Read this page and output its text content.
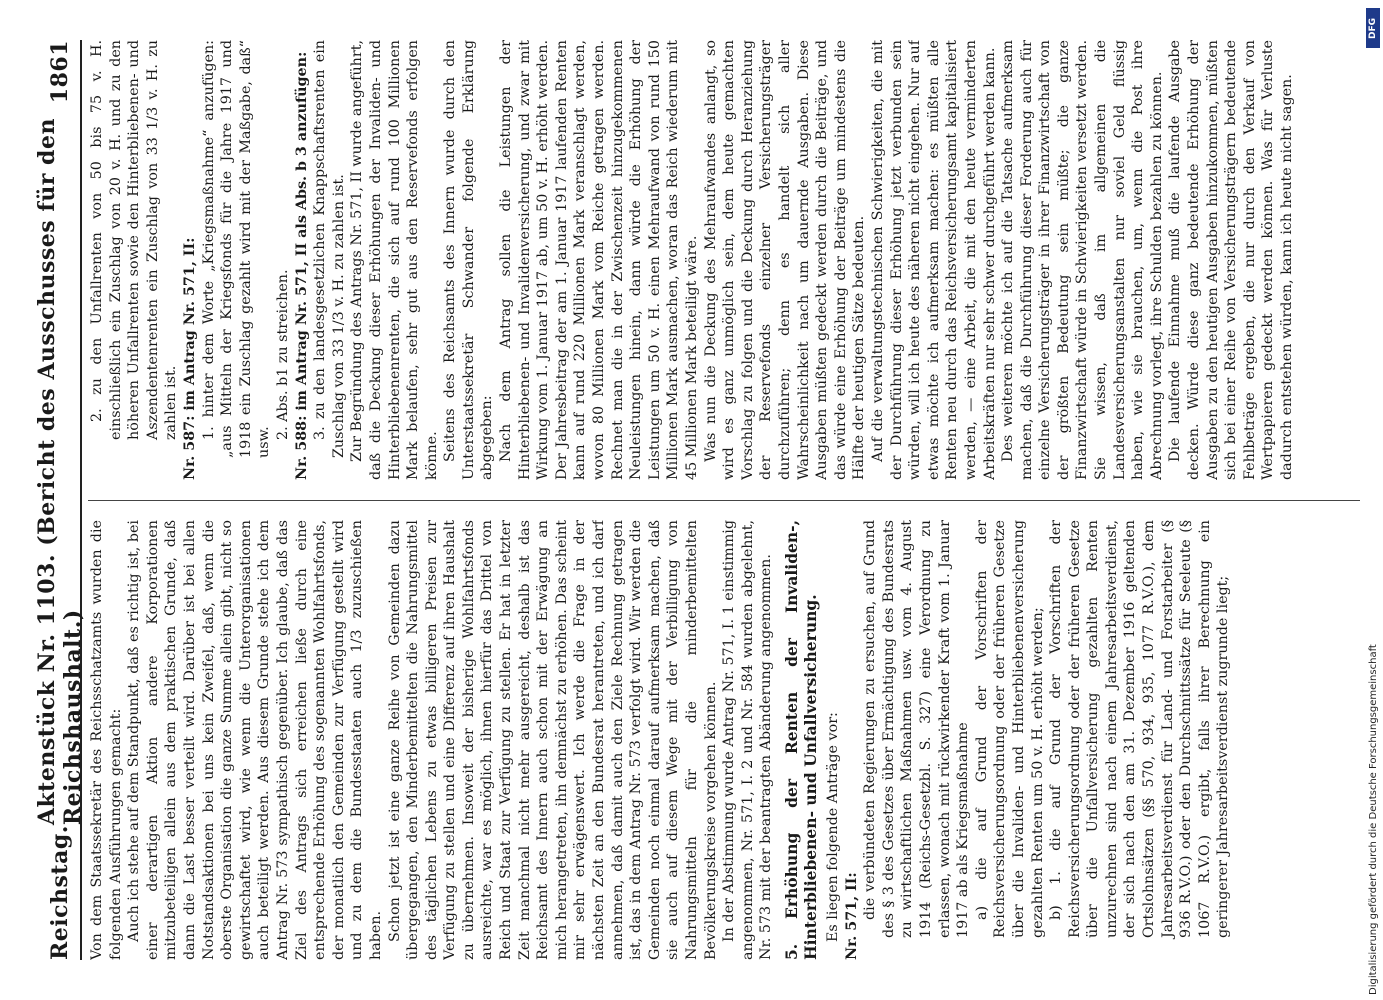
Reichstag.
Aktenstück Nr. 1103. (Bericht des Ausschusses für den Reichshaushalt.)
1861

Von dem Staatssekretär des Reichsschatzamts wurden die folgenden Ausführungen gemacht: Auch ich stehe auf dem Standpunkt, daß es richtig ist, bei einer derartigen Aktion andere Korporationen mitzubeteiligen allein aus dem praktischen Grunde, daß dann die Last besser verteilt wird. Darüber ist bei allen Notstandsaktionen bei uns kein Zweifel, daß, wenn die oberste Organisation die ganze Summe allein gibt, nicht so gewirtschaftet wird, wie wenn die Unterorganisationen auch beteiligt werden. Aus diesem Grunde stehe ich dem Antrag Nr. 573 sympathisch gegenüber. Ich glaube, daß das Ziel des Antrags sich erreichen ließe durch eine entsprechende Erhöhung des sogenannten Wohlfahrtsfonds, der monatlich den Gemeinden zur Verfügung gestellt wird und zu dem die Bundesstaaten auch 1/3 zuzuschießen haben. Schon jetzt ist eine ganze Reihe von Gemeinden dazu übergegangen, den Minderbemittelten die Nahrungsmittel des täglichen Lebens zu etwas billigeren Preisen zur Verfügung zu stellen und eine Differenz auf ihren Haushalt zu übernehmen. Insoweit der bisherige Wohlfahrtsfonds ausreichte, war es möglich, ihnen hierfür das Drittel von Reich und Staat zur Verfügung zu stellen. Er hat in letzter Zeit manchmal nicht mehr ausgereicht, deshalb ist das Reichsamt des Innern auch schon mit der Erwägung an mich herangetreten, ihn demnächst zu erhöhen. Das scheint mir sehr erwägenswert. Ich werde die Frage in der nächsten Zeit an den Bundesrat herantreten, und ich darf annehmen, daß damit auch den Ziele Rechnung getragen ist, das in dem Antrag Nr. 573 verfolgt wird. Wir werden die Gemeinden noch einmal darauf aufmerksam machen, daß sie auch auf diesem Wege mit der Verbilligung von Nahrungsmitteln für die minderbemittelten Bevölkerungskreise vorgehen können. In der Abstimmung wurde Antrag Nr. 571, I. 1 einstimmig angenommen, Nr. 571, I. 2 und Nr. 584 wurden abgelehnt, Nr. 573 mit der beantragten Abänderung angenommen. 5. Erhöhung der Renten der Invaliden-, Hinterbliebenen- und Unfallversicherung. Es liegen folgende Anträge vor: Nr. 571, II: die verbündeten Regierungen zu ersuchen, auf Grund des § 3 des Gesetzes über Ermächtigung des Bundesrats zu wirtschaftlichen Maßnahmen usw. vom 4. August 1914 (Reichs-Gesetzbl. S. 327) eine Verordnung zu erlassen, wonach mit rückwirkender Kraft vom 1. Januar 1917 ab als Kriegsmaßnahme a) die auf Grund der Vorschriften der Reichsversicherungsordnung oder der früheren Gesetze über die Invaliden- und Hinterbliebenenversicherung gezahlten Renten um 50 v. H. erhöht werden; b) 1. die auf Grund der Vorschriften der Reichsversicherungsordnung oder der früheren Gesetze über die Unfallversicherung gezahlten Renten unzurechnen sind nach einem Jahresarbeitsverdienst, der sich nach den am 31. Dezember 1916 geltenden Ortslohnsätzen (§§ 570, 934, 935, 1077 R.V.O.), dem Jahresarbeitsverdienst für Land- und Forstarbeiter (§ 936 R.V.O.) oder den Durchschnittssätze für Seeleute (§ 1067 R.V.O.) ergibt, falls ihrer Berechnung ein geringerer Jahresarbeitsverdienst zugrunde liegt;

2. zu den Unfallrenten von 50 bis 75 v. H. einschließlich ein Zuschlag von 20 v. H. und zu den höheren Unfallrenten sowie den Hinterbliebenen- und Aszendentenrenten ein Zuschlag von 33 1/3 v. H. zu zahlen ist. Nr. 587: im Antrag Nr. 571, II: 1. hinter dem Worte „Kriegsmaßnahme“ anzufügen: „aus Mitteln der Kriegsfonds für die Jahre 1917 und 1918 ein Zuschlag gezahlt wird mit der Maßgabe, daß“ usw.

2. Abs. b1 zu streichen. Nr. 588: im Antrag Nr. 571, II als Abs. b 3 anzufügen: 3. zu den landesgesetzlichen Knappschaftsrenten ein Zuschlag von 33 1/3 v. H. zu zahlen ist. Zur Begründung des Antrags Nr. 571, II wurde angeführt, daß die Deckung dieser Erhöhungen der Invaliden- und Hinterbliebenenrenten, die sich auf rund 100 Millionen Mark belaufen, sehr gut aus den Reservefonds erfolgen könne. Seitens des Reichsamts des Innern wurde durch den Unterstaatssekretär Schwander folgende Erklärung abgegeben: Nach dem Antrag sollen die Leistungen der Hinterbliebenen- und Invalidenversicherung, und zwar mit Wirkung vom 1. Januar 1917 ab, um 50 v. H. erhöht werden. Der Jahresbeitrag der am 1. Januar 1917 laufenden Renten kann auf rund 220 Millionen Mark veranschlagt werden, wovon 80 Millionen Mark vom Reiche getragen werden. Rechnet man die in der Zwischenzeit hinzugekommenen Neuleistungen hinein, dann würde die Erhöhung der Leistungen um 50 v. H. einen Mehraufwand von rund 150 Millionen Mark ausmachen, woran das Reich wiederum mit 45 Millionen Mark beteiligt wäre. Was nun die Deckung des Mehraufwandes anlangt, so wird es ganz unmöglich sein, dem heute gemachten Vorschlag zu folgen und die Deckung durch Heranziehung der Reservefonds einzelner Versicherungsträger durchzuführen; denn es handelt sich aller Wahrscheinlichkeit nach um dauernde Ausgaben. Diese Ausgaben müßten gedeckt werden durch die Beiträge, und das würde eine Erhöhung der Beiträge um mindestens die Hälfte der heutigen Sätze bedeuten. Auf die verwaltungstechnischen Schwierigkeiten, die mit der Durchführung dieser Erhöhung jetzt verbunden sein würden, will ich heute des näheren nicht eingehen. Nur auf etwas möchte ich aufmerksam machen: es müßten alle Renten neu durch das Reichsversicherungsamt kapitalisiert werden, — eine Arbeit, die mit den heute verminderten Arbeitskräften nur sehr schwer durchgeführt werden kann. Des weiteren möchte ich auf die Tatsache aufmerksam machen, daß die Durchführung dieser Forderung auch für einzelne Versicherungsträger in ihrer Finanzwirtschaft von der größten Bedeutung sein müßte; die ganze Finanzwirtschaft würde in Schwierigkeiten versetzt werden. Sie wissen, daß im allgemeinen die Landesversicherungsanstalten nur soviel Geld flüssig haben, wie sie brauchen, um, wenn die Post ihre Abrechnung vorlegt, ihre Schulden bezahlen zu können. Die laufende Einnahme muß die laufende Ausgabe decken. Würde diese ganz bedeutende Erhöhung der Ausgaben zu den heutigen Ausgaben hinzukommen, müßten sich bei einer Reihe von Versicherungsträgern bedeutende Fehlbeträge ergeben, die nur durch den Verkauf von Wertpapieren gedeckt werden können. Was für Verluste dadurch entstehen würden, kann ich heute nicht sagen.

DFG
Digitalisierung gefördert durch die Deutsche Forschungsgemeinschaft
